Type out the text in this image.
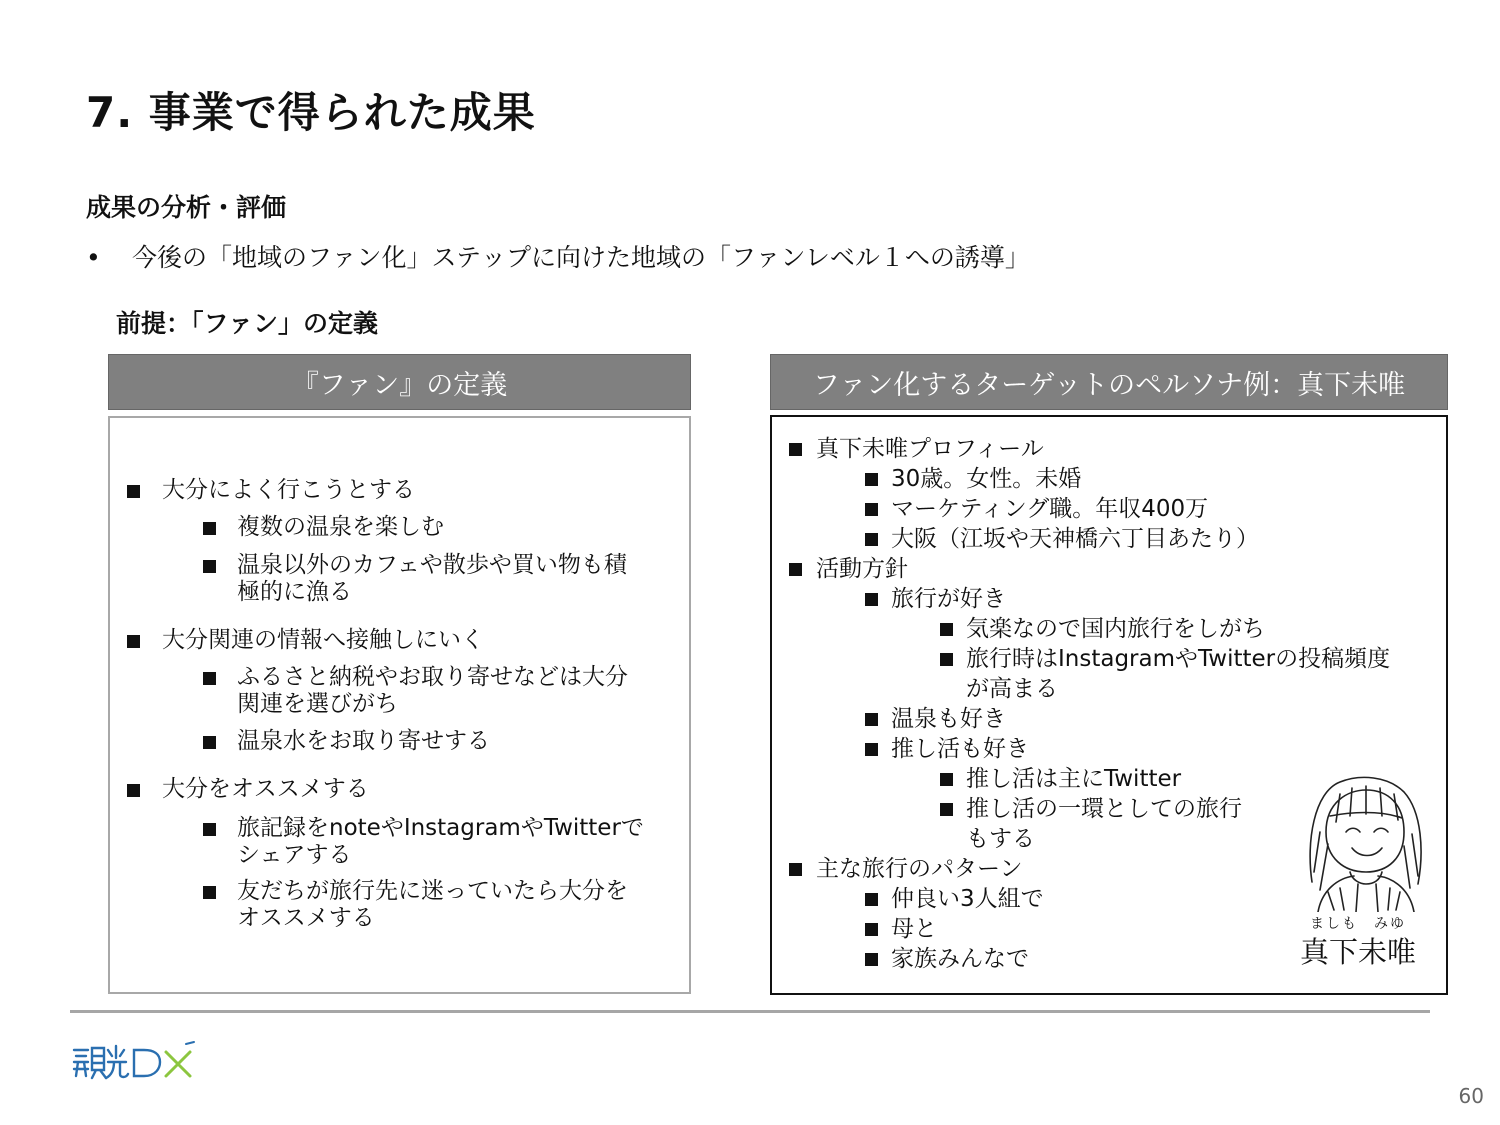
7. 事業で得られた成果
成果の分析・評価
• 今後の「地域のファン化」ステップに向けた地域の「ファンレベル１への誘導」
前提：「ファン」の定義
『ファン』の定義	ファン化するターゲットのペルソナ例：真下未唯
大分によく行こうとする
複数の温泉を楽しむ
温泉以外のカフェや散歩や買い物も積
極的に漁る
大分関連の情報へ接触しにいく
ふるさと納税やお取り寄せなどは大分
関連を選びがち
温泉水をお取り寄せする
大分をオススメする
旅記録をnoteやInstagramやTwitterで
シェアする
友だちが旅行先に迷っていたら大分を
オススメする
真下未唯プロフィール
30歳。女性。未婚
マーケティング職。年収400万
大阪（江坂や天神橋六丁目あたり）
活動方針
旅行が好き
気楽なので国内旅行をしがち
旅行時はInstagramやTwitterの投稿頻度
が高まる
温泉も好き
推し活も好き
推し活は主にTwitter
推し活の一環としての旅行
もする
主な旅行のパターン
仲良い3人組で
母と
家族みんなで
ましも　みゆ
真下未唯
60
